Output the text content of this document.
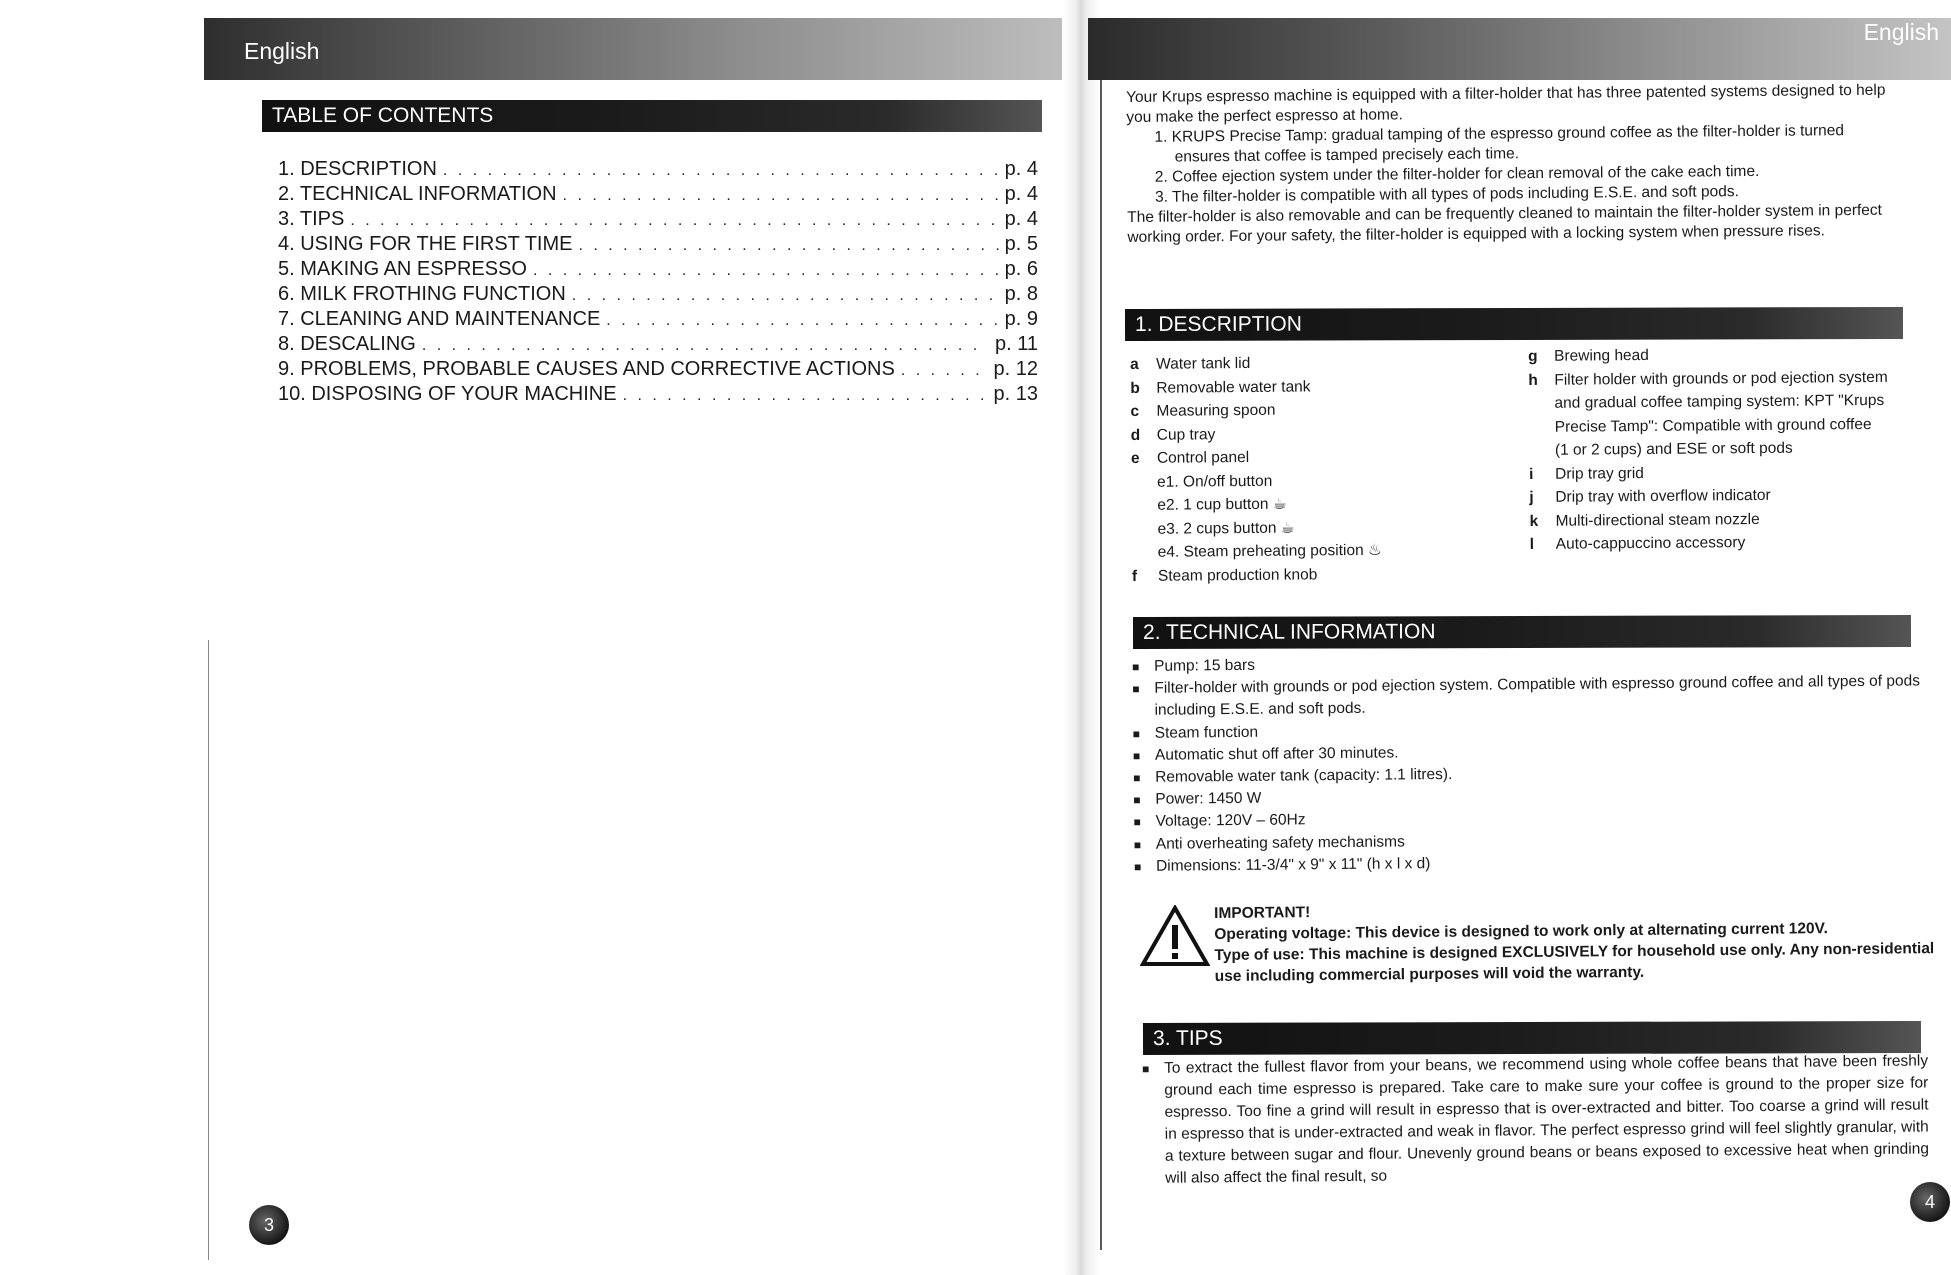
English
TABLE OF CONTENTS
1. DESCRIPTION . . .	p. 4
2. TECHNICAL INFORMATION . . .	p. 4
3. TIPS . . .	p. 4
4. USING FOR THE FIRST TIME . . .	p. 5
5. MAKING AN ESPRESSO . . .	p. 6
6. MILK FROTHING FUNCTION . . .	p. 8
7. CLEANING AND MAINTENANCE . . .	p. 9
8. DESCALING . . .	p. 11
9. PROBLEMS, PROBABLE CAUSES AND CORRECTIVE ACTIONS . . .	p. 12
10. DISPOSING OF YOUR MACHINE . . .	p. 13
3
English

Your Krups espresso machine is equipped with a filter-holder that has three patented systems designed to help you make the perfect espresso at home.

1. KRUPS Precise Tamp: gradual tamping of the espresso ground coffee as the filter-holder is turned

ensures that coffee is tamped precisely each time.

2. Coffee ejection system under the filter-holder for clean removal of the cake each time.

3. The filter-holder is compatible with all types of pods including E.S.E. and soft pods.

The filter-holder is also removable and can be frequently cleaned to maintain the filter-holder system in perfect working order. For your safety, the filter-holder is equipped with a locking system when pressure rises.

1. DESCRIPTION
a	Water tank lid
b	Removable water tank
c	Measuring spoon
d	Cup tray
e	Control panel
e1. On/off button
e2. 1 cup button ☕
e3. 2 cups button ☕
e4. Steam preheating position ♨
f	Steam production knob
g	Brewing head
h	Filter holder with grounds or pod ejection system and gradual coffee tamping system: KPT "Krups Precise Tamp": Compatible with ground coffee (1 or 2 cups) and ESE or soft pods
i	Drip tray grid
j	Drip tray with overflow indicator
k	Multi-directional steam nozzle
l	Auto-cappuccino accessory
2. TECHNICAL INFORMATION
■ Pump: 15 bars
■ Filter-holder with grounds or pod ejection system. Compatible with espresso ground coffee and all types of pods including E.S.E. and soft pods.
■ Steam function
■ Automatic shut off after 30 minutes.
■ Removable water tank (capacity: 1.1 litres).
■ Power: 1450 W
■ Voltage: 120V – 60Hz
■ Anti overheating safety mechanisms
■ Dimensions: 11-3/4" x 9" x 11" (h x l x d)
IMPORTANT!
Operating voltage: This device is designed to work only at alternating current 120V.
Type of use: This machine is designed EXCLUSIVELY for household use only. Any non-residential use including commercial purposes will void the warranty.
3. TIPS
■ To extract the fullest flavor from your beans, we recommend using whole coffee beans that have been freshly ground each time espresso is prepared. Take care to make sure your coffee is ground to the proper size for espresso. Too fine a grind will result in espresso that is over-extracted and bitter. Too coarse a grind will result in espresso that is under-extracted and weak in flavor. The perfect espresso grind will feel slightly granular, with a texture between sugar and flour. Unevenly ground beans or beans exposed to excessive heat when grinding will also affect the final result, so
4
